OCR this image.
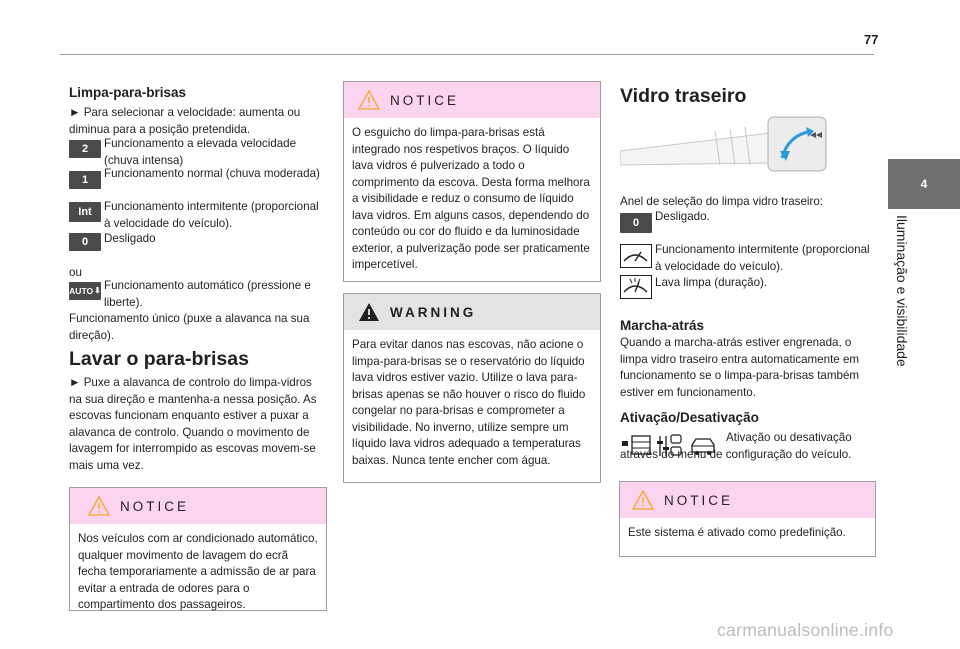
77
4
Iluminação e visibilidade
Limpa-para-brisas
► Para selecionar a velocidade: aumenta ou diminua para a posição pretendida.
2	Funcionamento a elevada velocidade (chuva intensa)
1	Funcionamento normal (chuva moderada)
Int	Funcionamento intermitente (proporcional à velocidade do veículo).
0	Desligado
ou
AUTO ⬇ Funcionamento automático (pressione e liberte).
Funcionamento único (puxe a alavanca na sua direção).
Lavar o para-brisas
► Puxe a alavanca de controlo do limpa-vidros na sua direção e mantenha-a nessa posição. As escovas funcionam enquanto estiver a puxar a alavanca de controlo. Quando o movimento de lavagem for interrompido as escovas movem-se mais uma vez.
NOTICE
Nos veículos com ar condicionado automático, qualquer movimento de lavagem do ecrã fecha temporariamente a admissão de ar para evitar a entrada de odores para o compartimento dos passageiros.
NOTICE
O esguicho do limpa-para-brisas está integrado nos respetivos braços. O líquido lava vidros é pulverizado a todo o comprimento da escova. Desta forma melhora a visibilidade e reduz o consumo de líquido lava vidros. Em alguns casos, dependendo do conteúdo ou cor do fluido e da luminosidade exterior, a pulverização pode ser praticamente impercetível.
WARNING
Para evitar danos nas escovas, não acione o limpa-para-brisas se o reservatório do líquido lava vidros estiver vazio. Utilize o lava para-brisas apenas se não houver o risco do fluido congelar no para-brisas e comprometer a visibilidade. No inverno, utilize sempre um líquido lava vidros adequado a temperaturas baixas. Nunca tente encher com água.
Vidro traseiro
Anel de seleção do limpa vidro traseiro:
0	Desligado.
Funcionamento intermitente (proporcional à velocidade do veículo).
Lava limpa (duração).
Marcha-atrás
Quando a marcha-atrás estiver engrenada, o limpa vidro traseiro entra automaticamente em funcionamento se o limpa-para-brisas também estiver em funcionamento.
Ativação/Desativação
Ativação ou desativação através do menu de configuração do veículo.
NOTICE
Este sistema é ativado como predefinição.
carmanualsonline.info
